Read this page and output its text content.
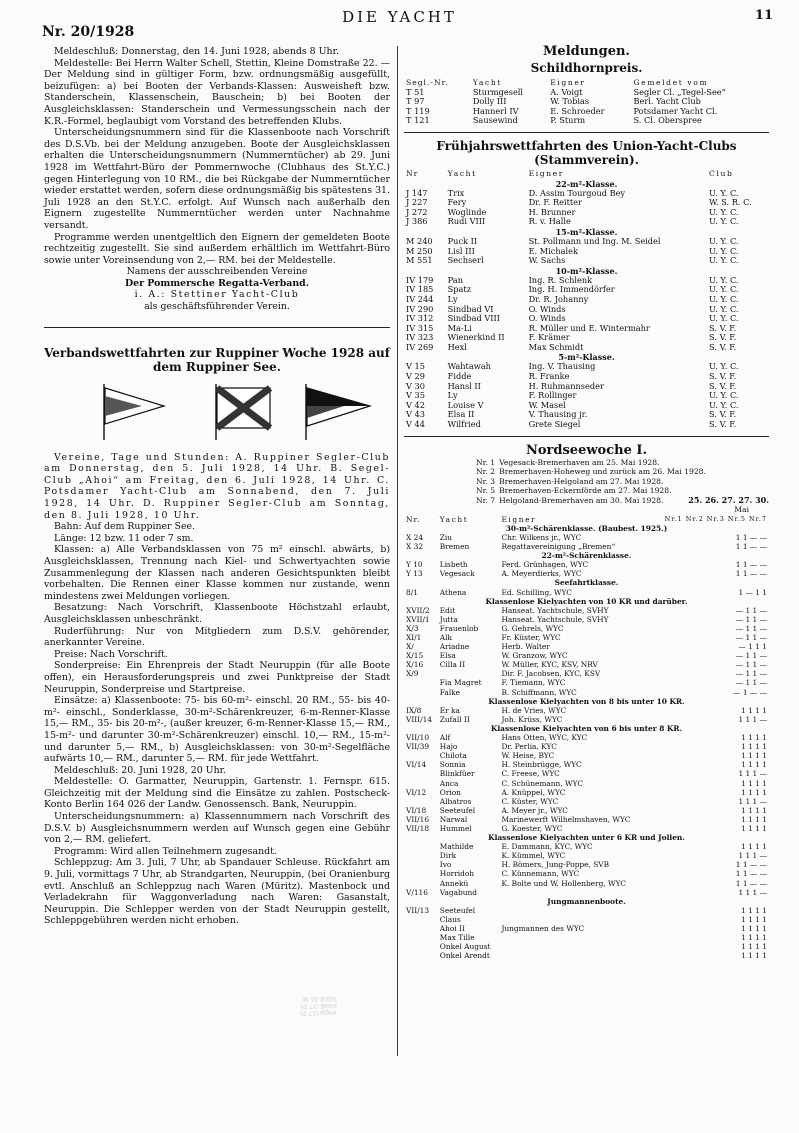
Nr. 20/1928
DIE YACHT	11

Meldeschluß: Donnerstag, den 14. Juni 1928, abends 8 Uhr.

Meldestelle: Bei Herrn Walter Schell, Stettin, Kleine Domstraße 22. — Der Meldung sind in gültiger Form, bzw. ordnungsmäßig ausgefüllt, beizufügen: a) bei Booten der Verbands-Klassen: Ausweisheft bzw. Standerschein, Klassenschein, Bauschein; b) bei Booten der Ausgleichsklassen: Standerschein und Vermessungsschein nach der K.R.-Formel, beglaubigt vom Vorstand des betreffenden Klubs.

Unterscheidungsnummern sind für die Klassenboote nach Vorschrift des D.S.Vb. bei der Meldung anzugeben. Boote der Ausgleichsklassen erhalten die Unterscheidungsnummern (Nummerntücher) ab 29. Juni 1928 im Wettfahrt-Büro der Pommernwoche (Clubhaus des St.Y.C.) gegen Hinterlegung von 10 RM., die bei Rückgabe der Nummerntücher wieder erstattet werden, sofern diese ordnungsmäßig bis spätestens 31. Juli 1928 an den St.Y.C. erfolgt. Auf Wunsch nach außerhalb den Eignern zugestellte Nummerntücher werden unter Nachnahme versandt.

Programme werden unentgeltlich den Eignern der gemeldeten Boote rechtzeitig zugestellt. Sie sind außerdem erhältlich im Wettfahrt-Büro sowie unter Voreinsendung von 2,— RM. bei der Meldestelle.

Namens der ausschreibenden Vereine

Der Pommersche Regatta-Verband.

i. A.: Stettiner Yacht-Club

als geschäftsführender Verein.

Verbandswettfahrten zur Ruppiner Woche 1928 auf dem Ruppiner See.

Vereine, Tage und Stunden: A. Ruppiner Segler-Club am Donnerstag, den 5. Juli 1928, 14 Uhr. B. Segel-Club „Ahoi“ am Freitag, den 6. Juli 1928, 14 Uhr. C. Potsdamer Yacht-Club am Sonnabend, den 7. Juli 1928, 14 Uhr. D. Ruppiner Segler-Club am Sonntag, den 8. Juli 1928, 10 Uhr.

Bahn: Auf dem Ruppiner See.

Länge: 12 bzw. 11 oder 7 sm.

Klassen: a) Alle Verbandsklassen von 75 m² einschl. abwärts, b) Ausgleichsklassen, Trennung nach Kiel- und Schwertyachten sowie Zusammenlegung der Klassen nach anderen Gesichtspunkten bleibt vorbehalten. Die Rennen einer Klasse kommen nur zustande, wenn mindestens zwei Meldungen vorliegen.

Besatzung: Nach Vorschrift, Klassenboote Höchstzahl erlaubt, Ausgleichsklassen unbeschränkt.

Ruderführung: Nur von Mitgliedern zum D.S.V. gehörender, anerkannter Vereine.

Preise: Nach Vorschrift.

Sonderpreise: Ein Ehrenpreis der Stadt Neuruppin (für alle Boote offen), ein Herausforderungspreis und zwei Punktpreise der Stadt Neuruppin, Sonderpreise und Startpreise.

Einsätze: a) Klassenboote: 75- bis 60-m²- einschl. 20 RM., 55- bis 40-m²- einschl., Sonderklasse, 30-m²-Schärenkreuzer, 6-m-Renner-Klasse 15,— RM., 35- bis 20-m²-, (außer kreuzer, 6-m-Renner-Klasse 15,— RM., 15-m²- und darunter 30-m²-Schärenkreuzer) einschl. 10,— RM., 15-m²- und darunter 5,— RM., b) Ausgleichsklassen: von 30-m²-Segelfläche aufwärts 10,— RM., darunter 5,— RM. für jede Wettfahrt.

Meldeschluß: 20. Juni 1928, 20 Uhr.

Meldestelle: O. Garmatter, Neuruppin, Gartenstr. 1. Fernspr. 615. Gleichzeitig mit der Meldung sind die Einsätze zu zahlen. Postscheck-Konto Berlin 164 026 der Landw. Genossensch. Bank, Neuruppin.

Unterscheidungsnummern: a) Klassennummern nach Vorschrift des D.S.V. b) Ausgleichsnummern werden auf Wunsch gegen eine Gebühr von 2,— RM. geliefert.

Programm: Wird allen Teilnehmern zugesandt.

Schleppzug: Am 3. Juli, 7 Uhr, ab Spandauer Schleuse. Rückfahrt am 9. Juli, vormittags 7 Uhr, ab Strandgarten, Neuruppin, (bei Oranienburg evtl. Anschluß an Schleppzug nach Waren (Müritz). Mastenbock und Verladekrahn für Waggonverladung nach Waren: Gasanstalt, Neuruppin. Die Schlepper werden von der Stadt Neuruppin gestellt, Schleppgebühren werden nicht erhoben.

Meldungen.

Schildhornpreis.

Segl.-Nr.	Yacht	Eigner	Gemeldet vom
T 51	Sturmgesell	A. Voigt	Segler Cl. „Tegel-See“
T 97	Dolly III	W. Tobias	Berl. Yacht Club
T 119	Hannerl IV	E. Schroeder	Potsdamer Yacht Cl.
T 121	Sausewind	P. Sturm	S. Cl. Oberspree

Frühjahrswettfahrten des Union-Yacht-Clubs (Stammverein).

Nr	Yacht	Eigner	Club
22-m²-Klasse.			
J 147	Trix	D. Assim Tourgoud Bey	U. Y. C.
J 227	Fery	Dr. F. Reitter	W. S. R. C.
J 272	Woglinde	H. Brunner	U. Y. C.
J 386	Rudi VIII	R. v. Halle	U. Y. C.
15-m²-Klasse.			
M 240	Puck II	St. Pollmann und Ing. M. Seidel	U. Y. C.
M 250	Lisl III	E. Michalek	U. Y. C.
M 551	Sechserl	W. Sachs	U. Y. C.
10-m²-Klasse.			
IV 179	Pan	Ing. R. Schlenk	U. Y. C.
IV 185	Spatz	Ing. H. Immendörfer	U. Y. C.
IV 244	Ly	Dr. R. Johanny	U. Y. C.
IV 290	Sindbad VI	O. Winds	U. Y. C.
IV 312	Sindbad VIII	O. Winds	U. Y. C.
IV 315	Ma-Li	R. Müller und E. Wintermahr	S. V. F.
IV 323	Wienerkind II	F. Krämer	S. V. F.
IV 269	Hexl	Max Schmidt	S. V. F.
5-m²-Klasse.			
V 15	Wahtawah	Ing. V. Thausing	U. Y. C.
V 29	Fidde	R. Franke	S. V. F.
V 30	Hansl II	H. Ruhmannseder	S. V. F.
V 35	Ly	F. Rollinger	U. Y. C.
V 42	Louise V	W. Masel	U. Y. C.
V 43	Elsa II	V. Thausing jr.	S. V. F.
V 44	Wilfried	Grete Siegel	S. V. F.

Nordseewoche I.

Nr. 1	Vegesack-Bremerhaven am 25. Mai 1928.
Nr. 2	Bremerhaven-Hoheweg und zurück am 26. Mai 1928.
Nr. 3	Bremerhaven-Helgoland am 27. Mai 1928.
Nr. 5	Bremerhaven-Eckernförde am 27. Mai 1928.
Nr. 7	Helgoland-Bremerhaven am 30. Mai 1928.	25. 26. 27. 27. 30.
Mai
Nr.	Yacht	Eigner	Nr.1 Nr.2 Nr.3 Nr.5 Nr.7
30-m²-Schärenklasse. (Baubest. 1925.)			
X 24	Ziu	Chr. Wilkens jr., WYC	1 1 — —
X 32	Bremen	Regattavereinigung „Bremen“	1 1 — —
22-m²-Schärenklasse.			
Y 10	Lisbeth	Ferd. Grünhagen, WYC	1 1 — —
Y 13	Vegesack	A. Meyerdierks, WYC	1 1 — —
Seefahrtklasse.			
8/1	Athena	Ed. Schilling, WYC	1 — 1 1
Klassenlose Kielyachten von 10 KR und darüber.			
XVII/2	Edit	Hanseat. Yachtschule, SVHY	— 1 1 —
XVII/1	Jutta	Hanseat. Yachtschule, SVHY	— 1 1 —
X/3	Frauenlob	G. Gehrels, WYC	— 1 1 —
XI/1	Alk	Fr. Küster, WYC	— 1 1 —
X/	Ariadne	Herb. Walter	— 1 1 1
X/15	Elsa	W. Granzow, WYC	— 1 1 —
X/16	Cilla II	W. Müller, KYC, KSV, NRV	— 1 1 —
X/9		Dir. F. Jacobsen, KYC, KSV	— 1 1 —
	Fia Magret	F. Tiemann, WYC	— 1 1 —
	Falke	B. Schiffmann, WYC	— 1 — —
Klassenlose Kielyachten von 8 bis unter 10 KR.			
IX/8	Er ka	H. de Vries, WYC	1 1 1 1
VIII/14	Zufall II	Joh. Krüss, WYC	1 1 1 —
Klassenlose Kielyachten von 6 bis unter 8 KR.			
VII/10	Alf	Hans Otten, WYC, KYC	1 1 1 1
VII/39	Hajo	Dr. Perlia, KYC	1 1 1 1
	Chilota	W. Heise, BYC	1 1 1 1
VI/14	Sonnia	H. Steinbrügge, WYC	1 1 1 1
	Blinkfüer	C. Freese, WYC	1 1 1 —
	Anca	C. Schünemann, WYC	1 1 1 1
VI/12	Orion	A. Knüppel, WYC	1 1 1 1
	Albatros	C. Küster, WYC	1 1 1 —
VI/18	Seeteufel	A. Meyer jr., WYC	1 1 1 1
VII/16	Narwal	Marinewerft Wilhelmshaven, WYC	1 1 1 1
VII/18	Hummel	G. Koester, WYC	1 1 1 1
Klassenlose Kielyachten unter 6 KR und Jollen.			
	Mathilde	E. Dammann, KYC, WYC	1 1 1 1
	Dirk	K. Kümmel, WYC	1 1 1 —
	Ivo	H. Bömers, Jung-Poppe, SVB	1 1 — —
	Horridoh	C. Künnemann, WYC	1 1 — —
	Annekü	K. Bolte und W. Hollenberg, WYC	1 1 — —
V/116	Vagabund		1 1 1 —
Jungmannenboote.			
VII/13	Seeteufel		1 1 1 1
	Claus		1 1 1 1
	Ahoi II	Jungmannen des WYC	1 1 1 1
	Max Tille		1 1 1 1
	Onkel August		1 1 1 1
	Onkel Arendt		1 1 1 1
wupp (17 P)
nwsd (17 P)
Sdrid A1 W
